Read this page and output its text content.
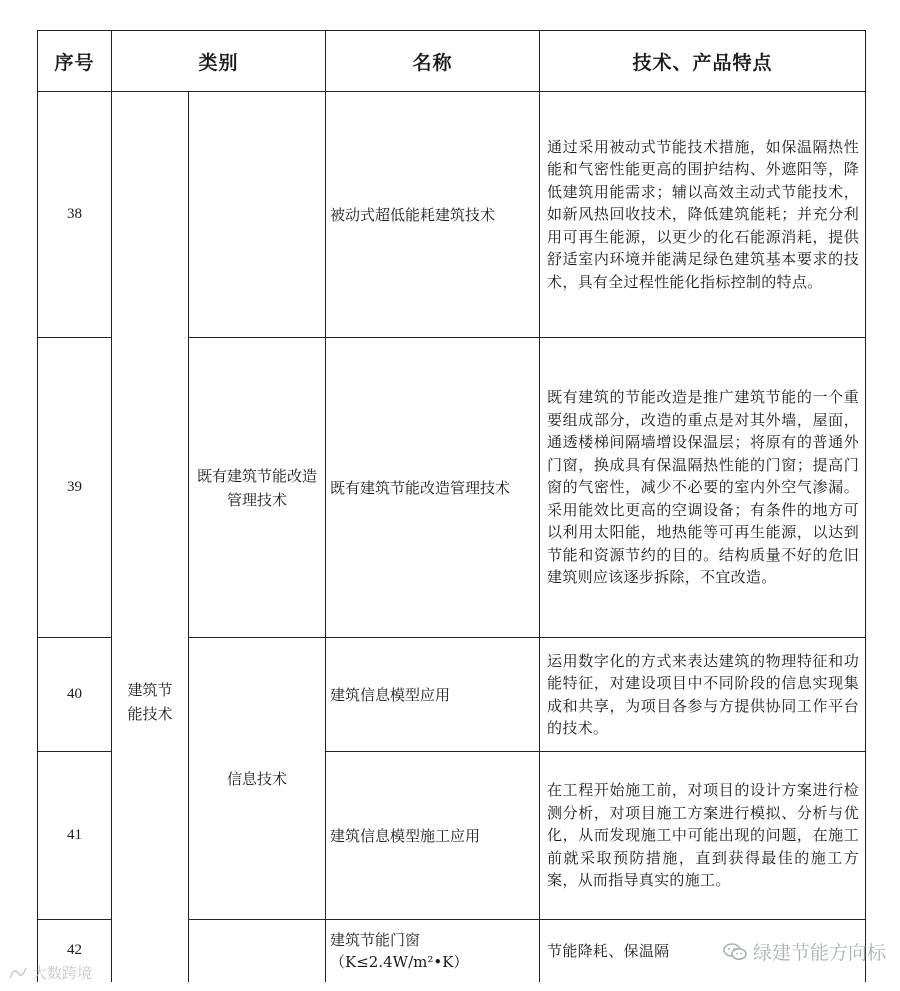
序号	类别		名称	技术、产品特点
38	建筑节能技术		被动式超低能耗建筑技术	通过采用被动式节能技术措施，如保温隔热性能和气密性能更高的围护结构、外遮阳等，降低建筑用能需求；辅以高效主动式节能技术，如新风热回收技术，降低建筑能耗；并充分利用可再生能源，以更少的化石能源消耗，提供舒适室内环境并能满足绿色建筑基本要求的技术，具有全过程性能化指标控制的特点。
39		既有建筑节能改造管理技术	既有建筑节能改造管理技术	既有建筑的节能改造是推广建筑节能的一个重要组成部分，改造的重点是对其外墙，屋面，通透楼梯间隔墙增设保温层；将原有的普通外门窗，换成具有保温隔热性能的门窗；提高门窗的气密性，减少不必要的室内外空气渗漏。采用能效比更高的空调设备；有条件的地方可以利用太阳能，地热能等可再生能源，以达到节能和资源节约的目的。结构质量不好的危旧建筑则应该逐步拆除，不宜改造。
40		信息技术	建筑信息模型应用	运用数字化的方式来表达建筑的物理特征和功能特征，对建设项目中不同阶段的信息实现集成和共享，为项目各参与方提供协同工作平台的技术。
41			建筑信息模型施工应用	在工程开始施工前，对项目的设计方案进行检测分析，对项目施工方案进行模拟、分析与优化，从而发现施工中可能出现的问题，在施工前就采取预防措施，直到获得最佳的施工方案，从而指导真实的施工。
42			建筑节能门窗（K≤2.4W/m²•K）	节能降耗、保温隔	绿建节能方向标
大数跨境
